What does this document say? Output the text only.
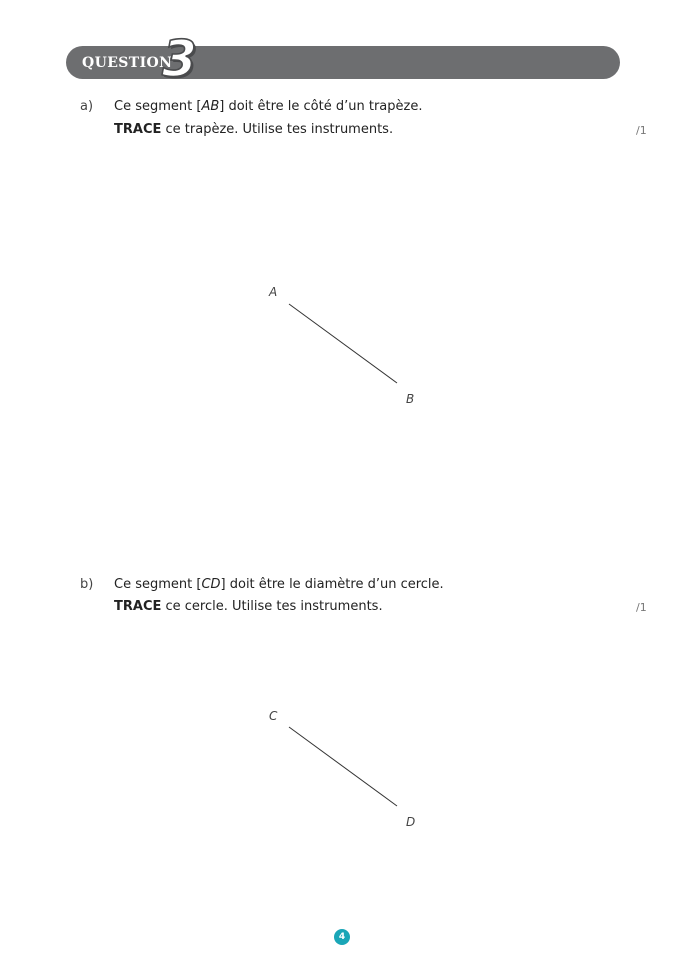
QUESTION
3
a) Ce segment [AB] doit être le côté d’un trapèze.
TRACE ce trapèze. Utilise tes instruments.	/1
A
B
b) Ce segment [CD] doit être le diamètre d’un cercle.
TRACE ce cercle. Utilise tes instruments.	/1
C
D
4
